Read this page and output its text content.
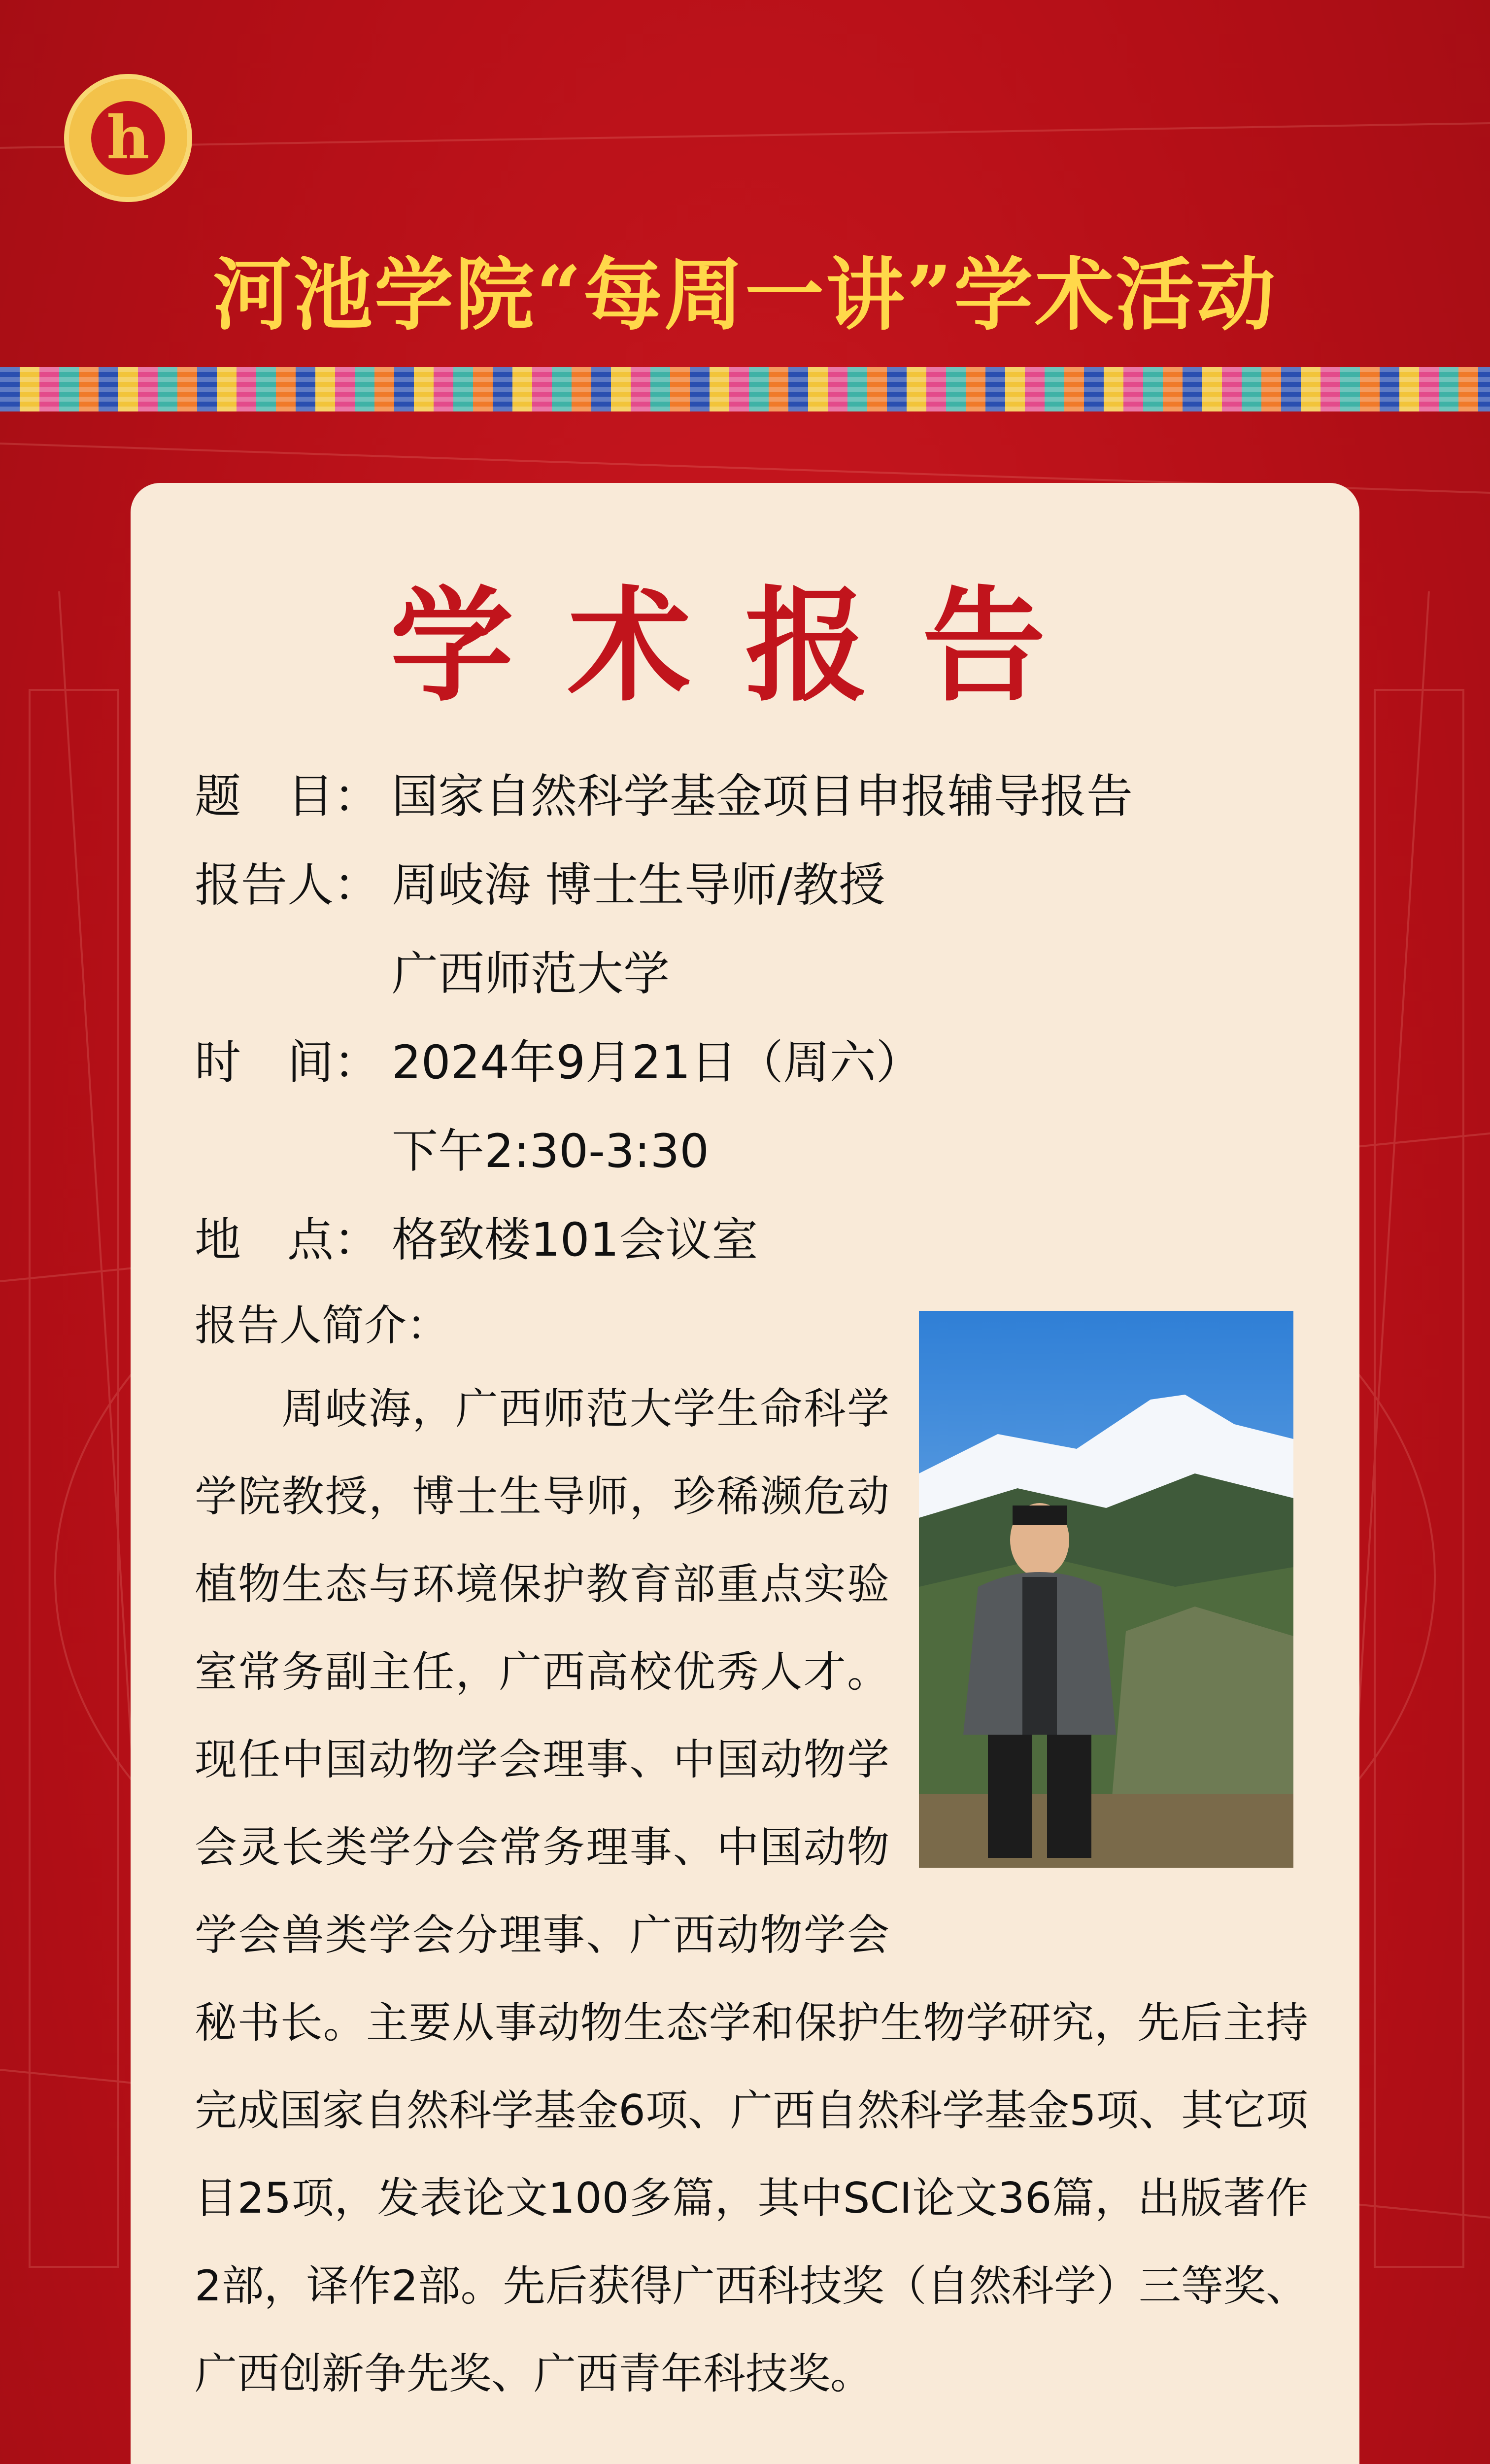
h
河池学院“每周一讲”学术活动
学术报告
题　目： 国家自然科学基金项目申报辅导报告
报告人： 周岐海 博士生导师/教授
广西师范大学
时　间： 2024年9月21日（周六）
下午2:30-3:30
地　点： 格致楼101会议室
报告人简介：
　　周岐海，广西师范大学生命科学学院教授，博士生导师，珍稀濒危动植物生态与环境保护教育部重点实验室常务副主任，广西高校优秀人才。现任中国动物学会理事、中国动物学会灵长类学分会常务理事、中国动物学会兽类学会分理事、广西动物学会秘书长。主要从事动物生态学和保护生物学研究，先后主持完成国家自然科学基金6项、广西自然科学基金5项、其它项目25项，发表论文100多篇，其中SCI论文36篇，出版著作2部，译作2部。先后获得广西科技奖（自然科学）三等奖、广西创新争先奖、广西青年科技奖。
